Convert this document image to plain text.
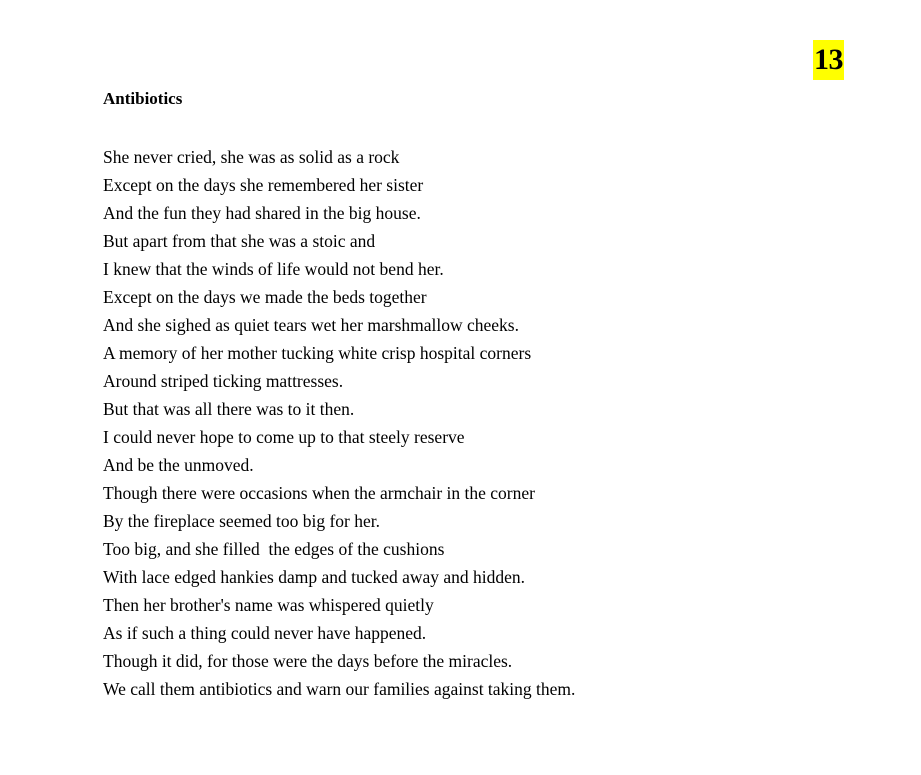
13
Antibiotics
She never cried, she was as solid as a rock
Except on the days she remembered her sister
And the fun they had shared in the big house.
But apart from that she was a stoic and
I knew that the winds of life would not bend her.
Except on the days we made the beds together
And she sighed as quiet tears wet her marshmallow cheeks.
A memory of her mother tucking white crisp hospital corners
Around striped ticking mattresses.
But that was all there was to it then.
I could never hope to come up to that steely reserve
And be the unmoved.
Though there were occasions when the armchair in the corner
By the fireplace seemed too big for her.
Too big, and she filled  the edges of the cushions
With lace edged hankies damp and tucked away and hidden.
Then her brother's name was whispered quietly
As if such a thing could never have happened.
Though it did, for those were the days before the miracles.
We call them antibiotics and warn our families against taking them.
